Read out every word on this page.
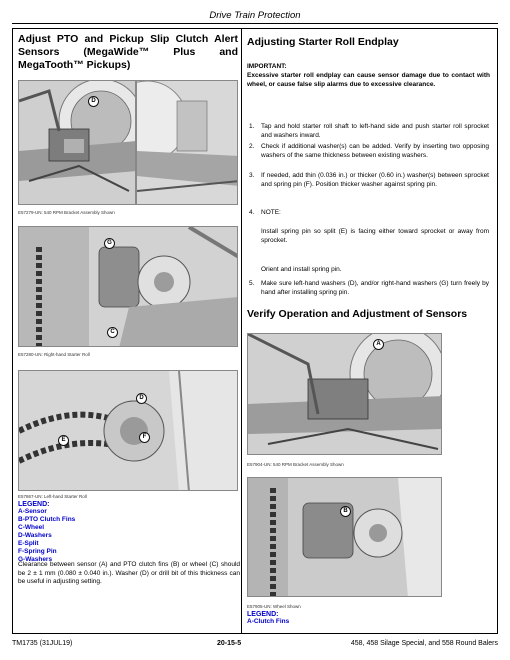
Drive Train Protection
Adjust PTO and Pickup Slip Clutch Alert Sensors (MegaWide™ Plus and MegaTooth™ Pickups)
D
E57279-UN: 540 RPM Bracket Assembly Shown
G
C
E57280-UN: Right-hand Starter Roll
D
F
E
E57867-UN: Left-hand Starter Roll
LEGEND:
A-Sensor
B-PTO Clutch Fins
C-Wheel
D-Washers
E-Split
F-Spring Pin
G-Washers
Clearance between sensor (A) and PTO clutch fins (B) or wheel (C) should be 2 ± 1 mm (0.080 ± 0.040 in.). Washer (D) or drill bit of this thickness can be useful in adjusting setting.
Adjusting Starter Roll Endplay
IMPORTANT:
Excessive starter roll endplay can cause sensor damage due to contact with wheel, or cause false slip alarms due to excessive clearance.
1. Tap and hold starter roll shaft to left-hand side and push starter roll sprocket and washers inward.
2. Check if additional washer(s) can be added. Verify by inserting two opposing washers of the same thickness between existing washers.
3. If needed, add thin (0.036 in.) or thicker (0.60 in.) washer(s) between sprocket and spring pin (F). Position thicker washer against spring pin.
4. NOTE:
Install spring pin so split (E) is facing either toward sprocket or away from sprocket.
Orient and install spring pin.
5. Make sure left-hand washers (D), and/or right-hand washers (G) turn freely by hand after installing spring pin.
Verify Operation and Adjustment of Sensors
A
E57904-UN: 540 RPM Bracket Assembly Shown
B
E57905-UN: Wheel Shown
LEGEND:
A-Clutch Fins
TM1735 (31JUL19)	20-15-5	458, 458 Silage Special, and 558 Round Balers
